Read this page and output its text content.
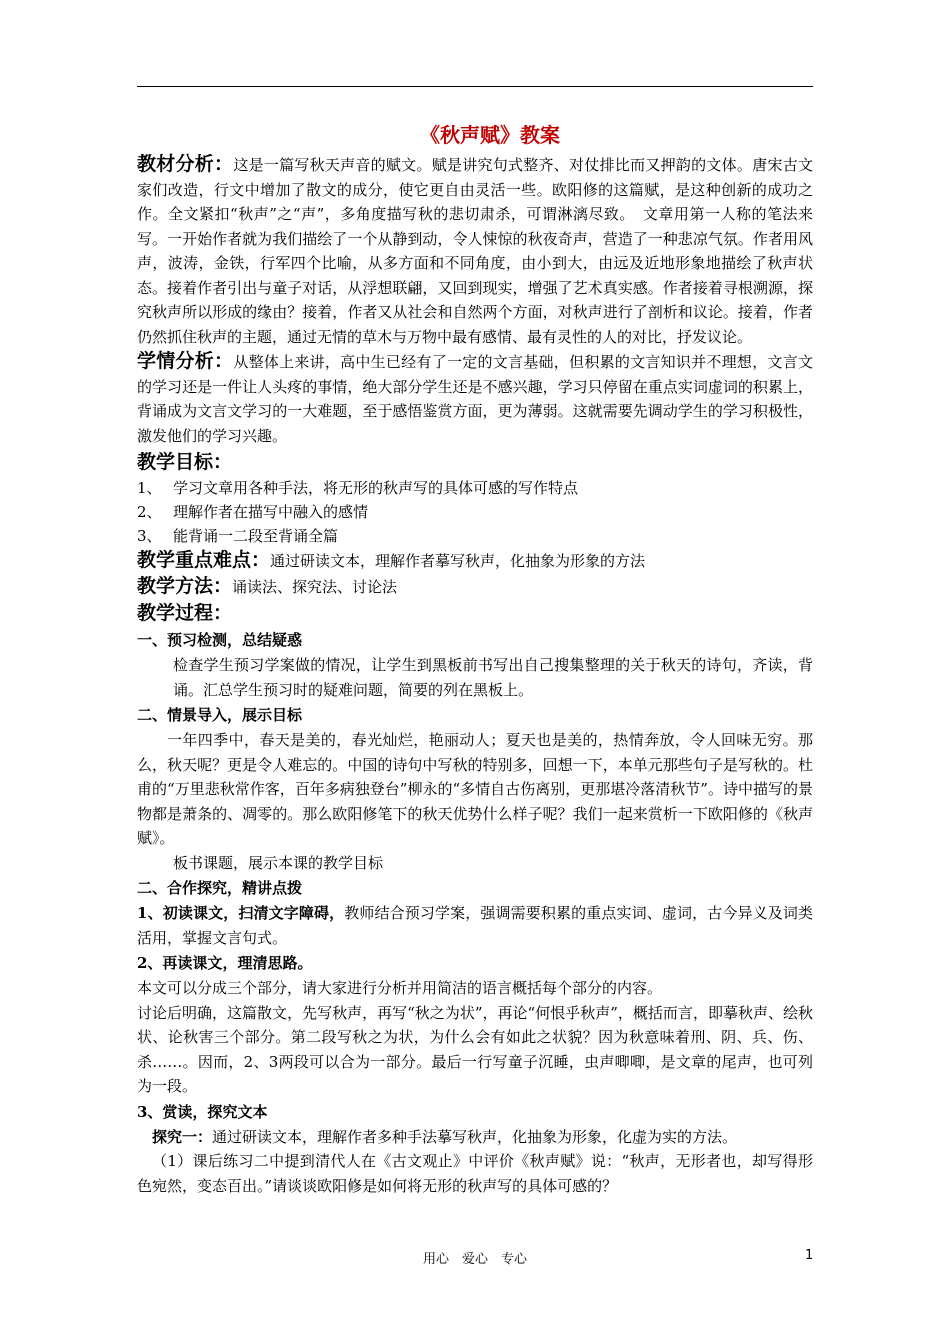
《秋声赋》教案

教材分析：这是一篇写秋天声音的赋文。赋是讲究句式整齐、对仗排比而又押韵的文体。唐宋古文家们改造，行文中增加了散文的成分，使它更自由灵活一些。欧阳修的这篇赋，是这种创新的成功之作。全文紧扣“秋声”之“声”，多角度描写秋的悲切肃杀，可谓淋漓尽致。　文章用第一人称的笔法来写。一开始作者就为我们描绘了一个从静到动，令人悚惊的秋夜奇声，营造了一种悲凉气氛。作者用风声，波涛，金铁，行军四个比喻，从多方面和不同角度，由小到大，由远及近地形象地描绘了秋声状态。接着作者引出与童子对话，从浮想联翩，又回到现实，增强了艺术真实感。作者接着寻根溯源，探究秋声所以形成的缘由？接着，作者又从社会和自然两个方面，对秋声进行了剖析和议论。接着，作者仍然抓住秋声的主题，通过无情的草木与万物中最有感情、最有灵性的人的对比，抒发议论。

学情分析：从整体上来讲，高中生已经有了一定的文言基础，但积累的文言知识并不理想，文言文的学习还是一件让人头疼的事情，绝大部分学生还是不感兴趣，学习只停留在重点实词虚词的积累上，背诵成为文言文学习的一大难题，至于感悟鉴赏方面，更为薄弱。这就需要先调动学生的学习积极性，激发他们的学习兴趣。

教学目标：

1、 学习文章用各种手法，将无形的秋声写的具体可感的写作特点

2、 理解作者在描写中融入的感情

3、 能背诵一二段至背诵全篇

教学重点难点：通过研读文本，理解作者摹写秋声，化抽象为形象的方法

教学方法：诵读法、探究法、讨论法

教学过程：

一、预习检测，总结疑惑

检查学生预习学案做的情况，让学生到黑板前书写出自己搜集整理的关于秋天的诗句，齐读，背诵。汇总学生预习时的疑难问题，简要的列在黑板上。

二、情景导入，展示目标

一年四季中，春天是美的，春光灿烂，艳丽动人；夏天也是美的，热情奔放，令人回味无穷。那么，秋天呢？更是令人难忘的。中国的诗句中写秋的特别多，回想一下，本单元那些句子是写秋的。杜甫的“万里悲秋常作客，百年多病独登台”柳永的“多情自古伤离别，更那堪冷落清秋节”。诗中描写的景物都是萧条的、凋零的。那么欧阳修笔下的秋天优势什么样子呢？我们一起来赏析一下欧阳修的《秋声赋》。

板书课题，展示本课的教学目标

二、合作探究，精讲点拨

1、初读课文，扫清文字障碍，教师结合预习学案，强调需要积累的重点实词、虚词，古今异义及词类活用，掌握文言句式。

2、再读课文，理清思路。

本文可以分成三个部分，请大家进行分析并用简洁的语言概括每个部分的内容。

讨论后明确，这篇散文，先写秋声，再写“秋之为状”，再论“何恨乎秋声”，概括而言，即摹秋声、绘秋状、论秋害三个部分。第二段写秋之为状，为什么会有如此之状貌？因为秋意味着刑、阴、兵、伤、杀……。因而，2、3两段可以合为一部分。最后一行写童子沉睡，虫声唧唧，是文章的尾声，也可列为一段。

3、赏读，探究文本

探究一：通过研读文本，理解作者多种手法摹写秋声，化抽象为形象，化虚为实的方法。

（1）课后练习二中提到清代人在《古文观止》中评价《秋声赋》说：“秋声，无形者也，却写得形色宛然，变态百出。”请谈谈欧阳修是如何将无形的秋声写的具体可感的？

用心　爱心　专心	1
